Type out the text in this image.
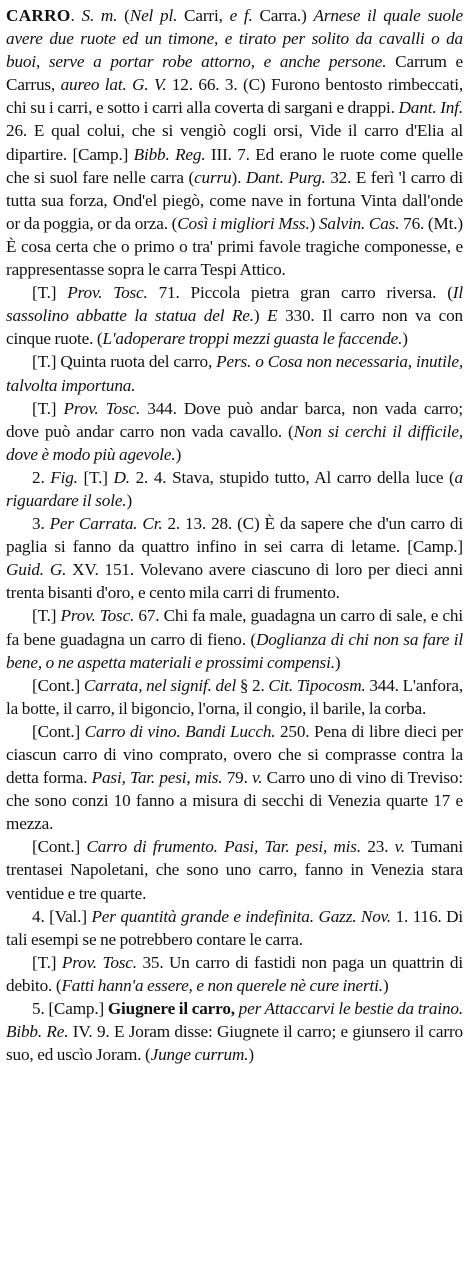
CARRO. S. m. (Nel pl. Carri, e f. Carra.) Arnese il quale suole avere due ruote ed un timone, e tirato per solito da cavalli o da buoi, serve a portar robe attorno, e anche persone. Carrum e Carrus, aureo lat. G. V. 12. 66. 3. (C) Furono bentosto rimbeccati, chi su i carri, e sotto i carri alla coverta di sargani e drappi. Dant. Inf. 26. E qual colui, che si vengiò cogli orsi, Vide il carro d'Elia al dipartire. [Camp.] Bibb. Reg. III. 7. Ed erano le ruote come quelle che si suol fare nelle carra (curru). Dant. Purg. 32. E ferì 'l carro di tutta sua forza, Ond'el piegò, come nave in fortuna Vinta dall'onde or da poggia, or da orza. (Così i migliori Mss.) Salvin. Cas. 76. (Mt.) È cosa certa che o primo o tra' primi favole tragiche componesse, e rappresentasse sopra le carra Tespi Attico.

[T.] Prov. Tosc. 71. Piccola pietra gran carro riversa. (Il sassolino abbatte la statua del Re.) E 330. Il carro non va con cinque ruote. (L'adoperare troppi mezzi guasta le faccende.)

[T.] Quinta ruota del carro, Pers. o Cosa non necessaria, inutile, talvolta importuna.

[T.] Prov. Tosc. 344. Dove può andar barca, non vada carro; dove può andar carro non vada cavallo. (Non si cerchi il difficile, dove è modo più agevole.)

2. Fig. [T.] D. 2. 4. Stava, stupido tutto, Al carro della luce (a riguardare il sole.)

3. Per Carrata. Cr. 2. 13. 28. (C) È da sapere che d'un carro di paglia si fanno da quattro infino in sei carra di letame. [Camp.] Guid. G. XV. 151. Volevano avere ciascuno di loro per dieci anni trenta bisanti d'oro, e cento mila carri di frumento.

[T.] Prov. Tosc. 67. Chi fa male, guadagna un carro di sale, e chi fa bene guadagna un carro di fieno. (Doglianza di chi non sa fare il bene, o ne aspetta materiali e prossimi compensi.)

[Cont.] Carrata, nel signif. del § 2. Cit. Tipocosm. 344. L'anfora, la botte, il carro, il bigoncio, l'orna, il congio, il barile, la corba.

[Cont.] Carro di vino. Bandi Lucch. 250. Pena di libre dieci per ciascun carro di vino comprato, overo che si comprasse contra la detta forma. Pasi, Tar. pesi, mis. 79. v. Carro uno di vino di Treviso: che sono conzi 10 fanno a misura di secchi di Venezia quarte 17 e mezza.

[Cont.] Carro di frumento. Pasi, Tar. pesi, mis. 23. v. Tumani trentasei Napoletani, che sono uno carro, fanno in Venezia stara ventidue e tre quarte.

4. [Val.] Per quantità grande e indefinita. Gazz. Nov. 1. 116. Di tali esempi se ne potrebbero contare le carra.

[T.] Prov. Tosc. 35. Un carro di fastidi non paga un quattrin di debito. (Fatti hann'a essere, e non querele nè cure inerti.)

5. [Camp.] Giugnere il carro, per Attaccarvi le bestie da traino. Bibb. Re. IV. 9. E Joram disse: Giugnete il carro; e giunsero il carro suo, ed uscìo Joram. (Junge currum.)
